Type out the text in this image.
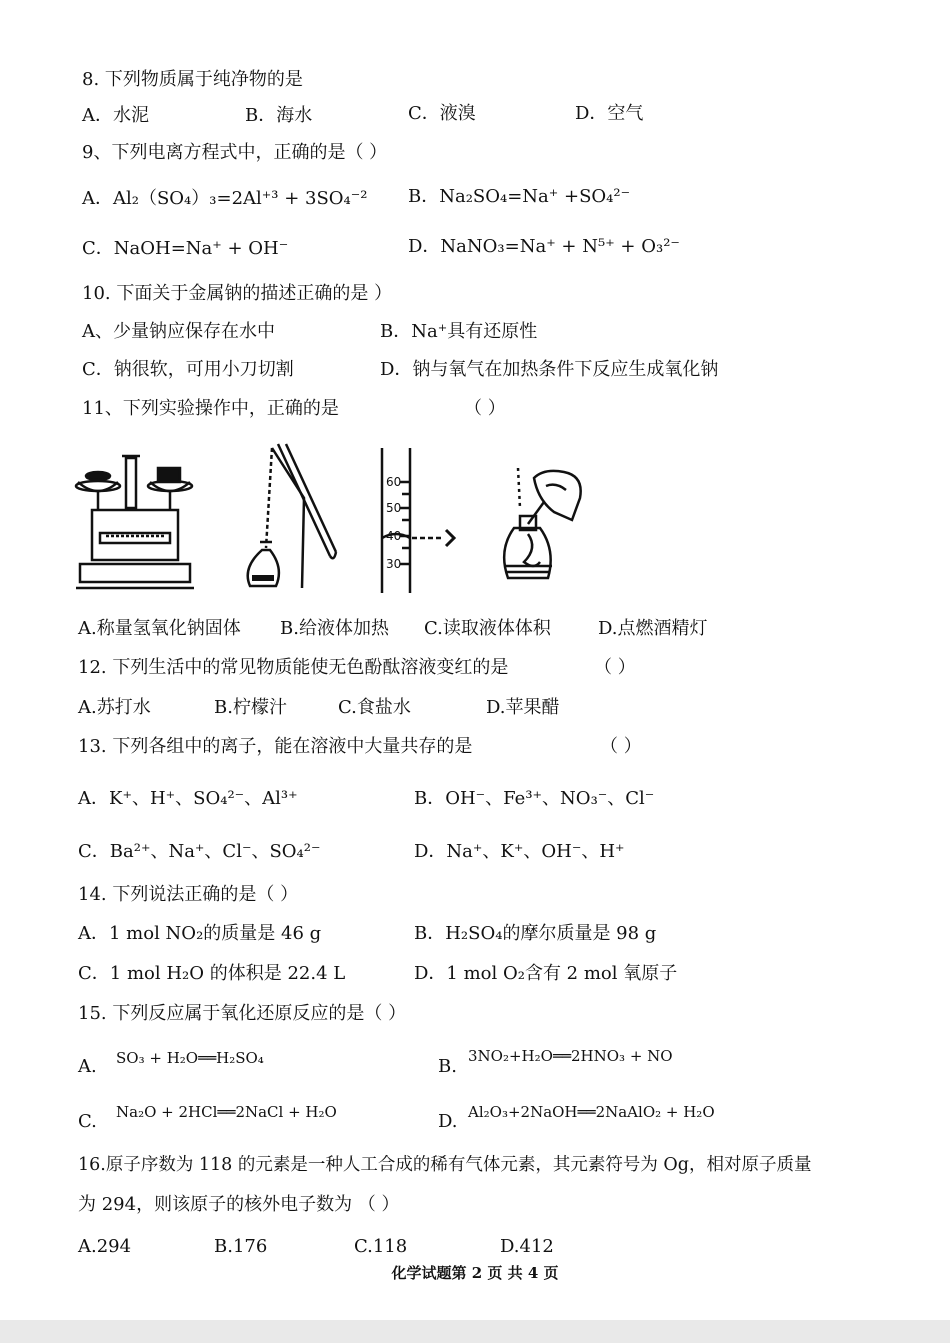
8. 下列物质属于纯净物的是
A．水泥	B．海水	C．液溴	D．空气
9、下列电离方程式中，正确的是（ ）
A．Al₂（SO₄）₃=2Al⁺³ + 3SO₄⁻² B．Na₂SO₄=Na⁺ +SO₄²⁻
C．NaOH=Na⁺ + OH⁻	D．NaNO₃=Na⁺ + N⁵⁺ + O₃²⁻
10. 下面关于金属钠的描述正确的是 ）
A、少量钠应保存在水中	B．Na⁺具有还原性
C．钠很软，可用小刀切割	D．钠与氧气在加热条件下反应生成氧化钠
11、下列实验操作中，正确的是	（ ）
60
50
40
30
A.称量氢氧化钠固体 B.给液体加热 C.读取液体体积	D.点燃酒精灯
12. 下列生活中的常见物质能使无色酚酞溶液变红的是	（ ）
A.苏打水	B.柠檬汁	C.食盐水	D.苹果醋
13. 下列各组中的离子，能在溶液中大量共存的是	（ ）
A．K⁺、H⁺、SO₄²⁻、Al³⁺	B．OH⁻、Fe³⁺、NO₃⁻、Cl⁻
C．Ba²⁺、Na⁺、Cl⁻、SO₄²⁻	D．Na⁺、K⁺、OH⁻、H⁺
14. 下列说法正确的是（ ）
A．1 mol NO₂的质量是 46 g	B．H₂SO₄的摩尔质量是 98 g
C．1 mol H₂O 的体积是 22.4 L	D．1 mol O₂含有 2 mol 氧原子
15. 下列反应属于氧化还原反应的是（ ）
A. SO₃ + H₂O══H₂SO₄	B. 3NO₂+H₂O══2HNO₃ + NO
C. Na₂O + 2HCl══2NaCl + H₂O	D. Al₂O₃+2NaOH══2NaAlO₂ + H₂O
16.原子序数为 118 的元素是一种人工合成的稀有气体元素，其元素符号为 Og，相对原子质量
为 294，则该原子的核外电子数为 （ ）
A.294	B.176	C.118	D.412
化学试题第 2 页 共 4 页
